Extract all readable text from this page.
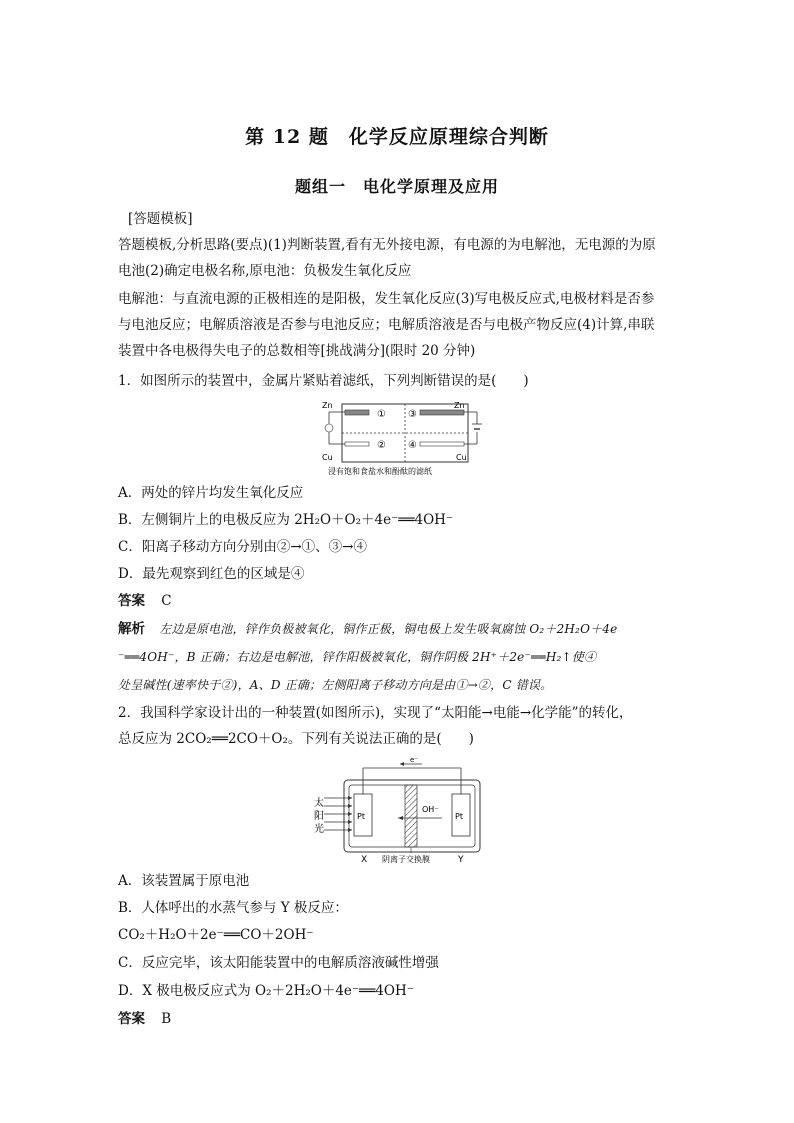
第 12 题　化学反应原理综合判断
题组一　电化学原理及应用
[答题模板]
答题模板,分析思路(要点)(1)判断装置,看有无外接电源，有电源的为电解池，无电源的为原
电池(2)确定电极名称,原电池：负极发生氧化反应
电解池：与直流电源的正极相连的是阳极，发生氧化反应(3)写电极反应式,电极材料是否参
与电池反应；电解质溶液是否参与电池反应；电解质溶液是否与电极产物反应(4)计算,串联
装置中各电极得失电子的总数相等[挑战满分](限时 20 分钟)
1．如图所示的装置中，金属片紧贴着滤纸，下列判断错误的是(　　)
Zn	Zn
Cu	Cu
① ③
② ④
浸有饱和食盐水和酚酞的滤纸
A．两处的锌片均发生氧化反应
B．左侧铜片上的电极反应为 2H₂O＋O₂＋4e⁻══4OH⁻
C．阳离子移动方向分别由②→①、③→④
D．最先观察到红色的区域是④
答案 C
解析 左边是原电池，锌作负极被氧化，铜作正极，铜电极上发生吸氧腐蚀 O₂＋2H₂O＋4e
⁻══4OH⁻，B 正确；右边是电解池，锌作阳极被氧化，铜作阴极 2H⁺＋2e⁻══H₂↑使④
处呈碱性(速率快于②)，A、D 正确；左侧阳离子移动方向是由①→②，C 错误。
2．我国科学家设计出的一种装置(如图所示)，实现了“太阳能→电能→化学能”的转化，
总反应为 2CO₂══2CO＋O₂。下列有关说法正确的是(　　)
e⁻
OH⁻
太
阳
光
Pt	Pt
X	Y
阴离子交换膜
A．该装置属于原电池
B．人体呼出的水蒸气参与 Y 极反应：
CO₂＋H₂O＋2e⁻══CO＋2OH⁻
C．反应完毕，该太阳能装置中的电解质溶液碱性增强
D．X 极电极反应式为 O₂＋2H₂O＋4e⁻══4OH⁻
答案 B
